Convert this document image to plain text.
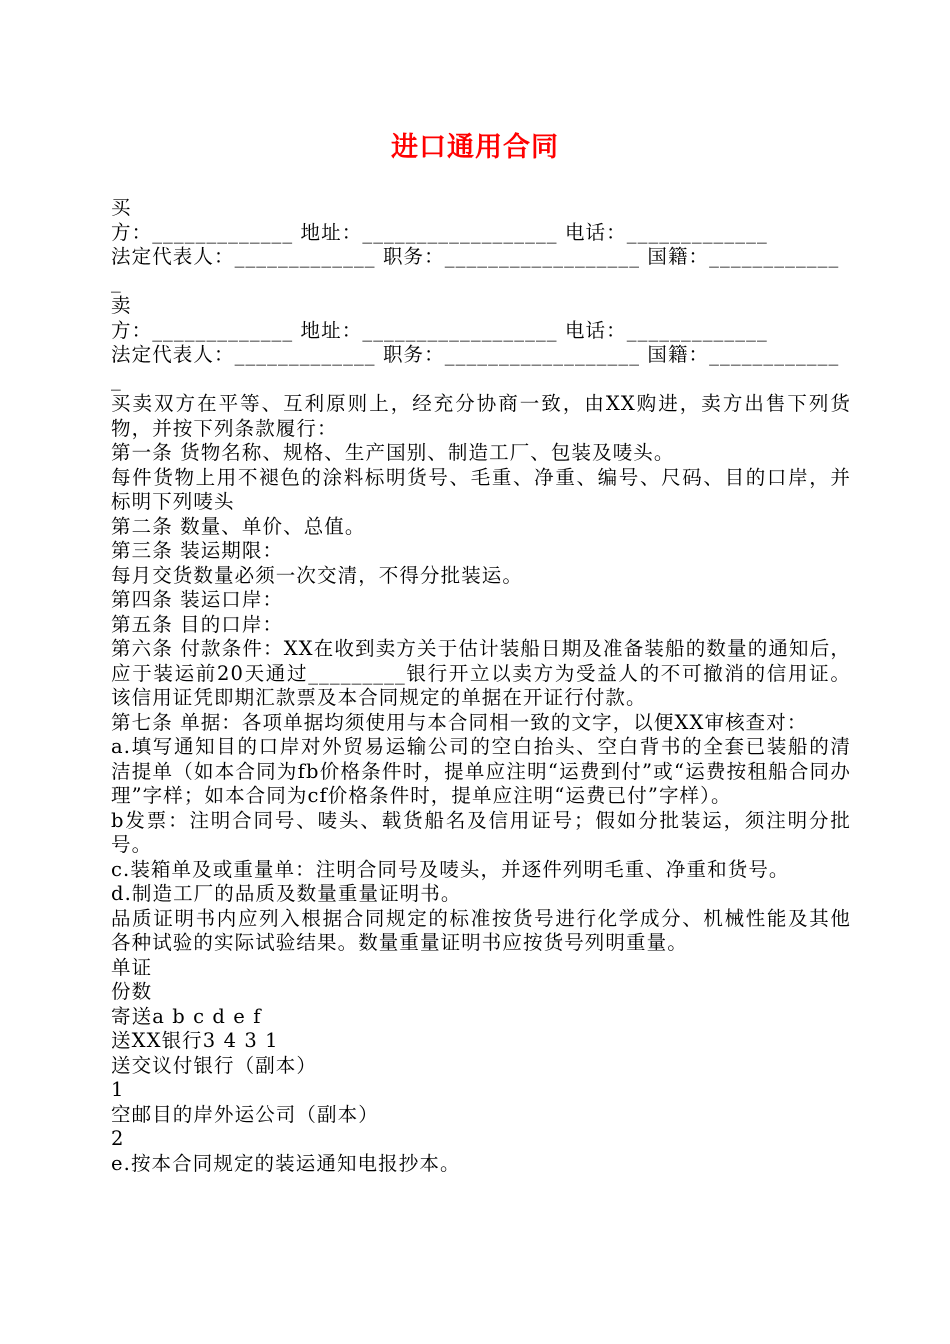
进口通用合同
买
方：_____________ 地址：__________________ 电话：_____________
法定代表人：_____________ 职务：__________________ 国籍：____________
_
卖
方：_____________ 地址：__________________ 电话：_____________
法定代表人：_____________ 职务：__________________ 国籍：____________
_
买卖双方在平等、互利原则上，经充分协商一致，由XX购进，卖方出售下列货物，并按下列条款履行：
第一条 货物名称、规格、生产国别、制造工厂、包装及唛头。
每件货物上用不褪色的涂料标明货号、毛重、净重、编号、尺码、目的口岸，并标明下列唛头
第二条 数量、单价、总值。
第三条 装运期限：
每月交货数量必须一次交清，不得分批装运。
第四条 装运口岸：
第五条 目的口岸：
第六条 付款条件：XX在收到卖方关于估计装船日期及准备装船的数量的通知后，应于装运前20天通过_________银行开立以卖方为受益人的不可撤消的信用证。该信用证凭即期汇款票及本合同规定的单据在开证行付款。
第七条 单据：各项单据均须使用与本合同相一致的文字，以便XX审核查对：
a.填写通知目的口岸对外贸易运输公司的空白抬头、空白背书的全套已装船的清洁提单（如本合同为fb价格条件时，提单应注明“运费到付”或“运费按租船合同办理”字样；如本合同为cf价格条件时，提单应注明“运费已付”字样）。
b发票：注明合同号、唛头、载货船名及信用证号；假如分批装运，须注明分批号。
c.装箱单及或重量单：注明合同号及唛头，并逐件列明毛重、净重和货号。
d.制造工厂的品质及数量重量证明书。
品质证明书内应列入根据合同规定的标准按货号进行化学成分、机械性能及其他各种试验的实际试验结果。数量重量证明书应按货号列明重量。
单证
份数
寄送a b c d e f
送XX银行3 4 3 1
送交议付银行（副本）
1
空邮目的岸外运公司（副本）
2
e.按本合同规定的装运通知电报抄本。
